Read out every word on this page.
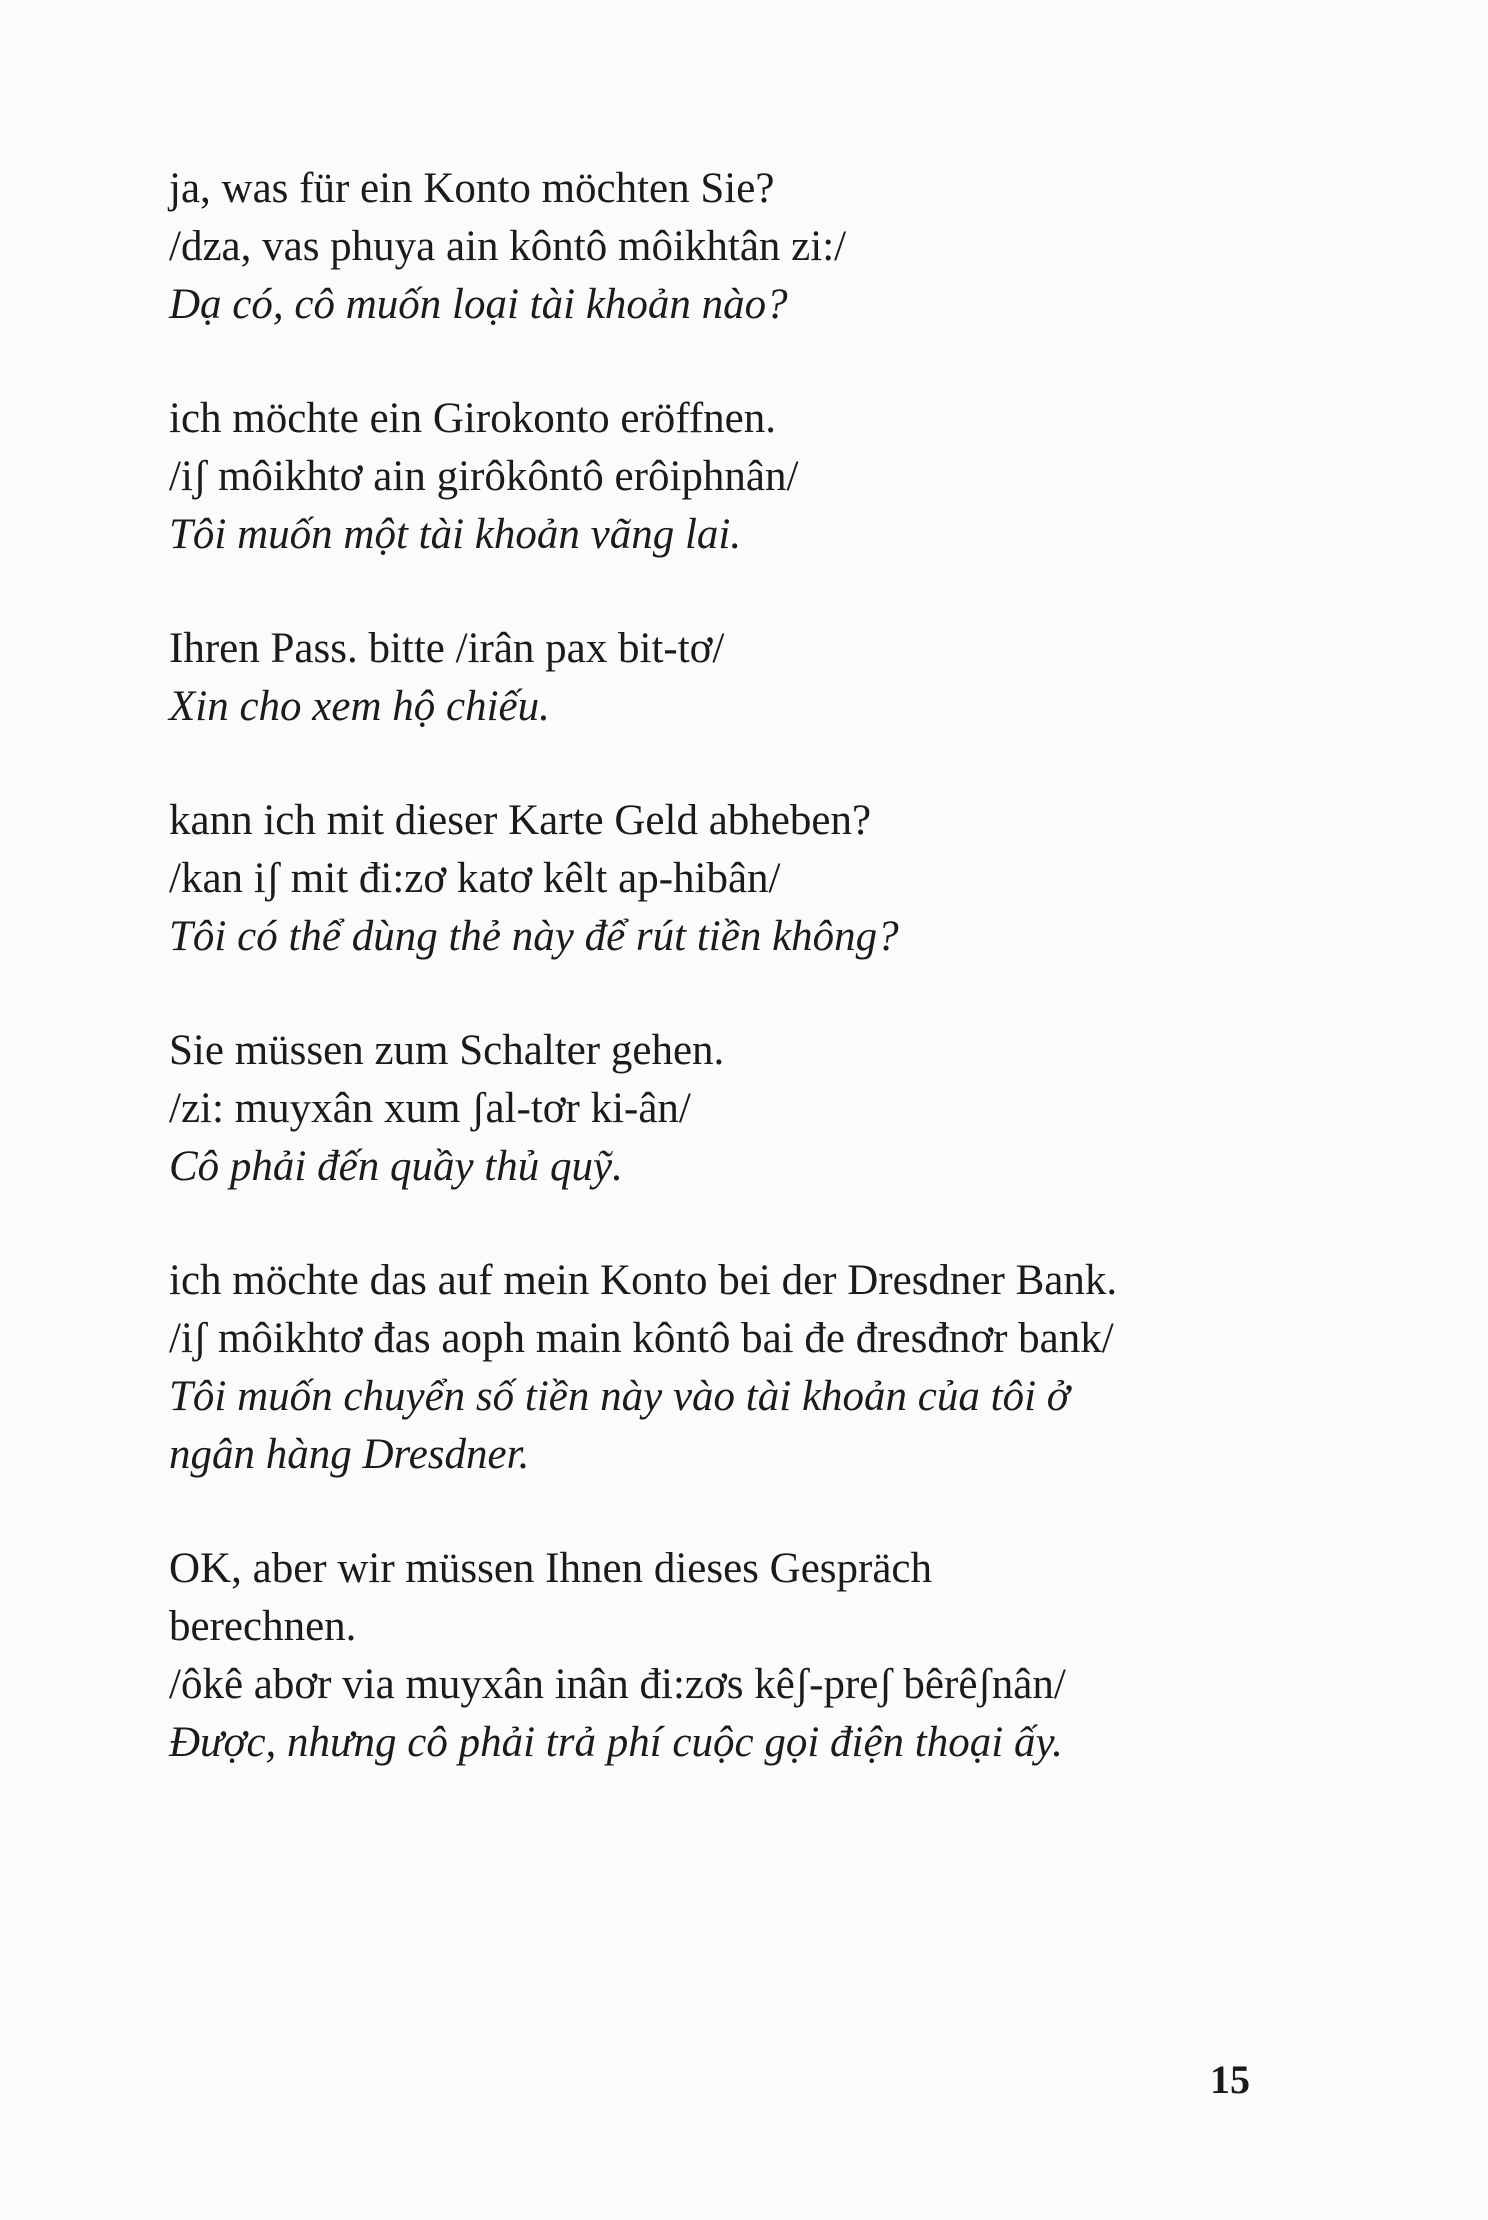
ja, was für ein Konto möchten Sie?
/dza, vas phuya ain kôntô môikhtân zi:/
Dạ có, cô muốn loại tài khoản nào?
ich möchte ein Girokonto eröffnen.
/iʃ môikhtơ ain girôkôntô erôiphnân/
Tôi muốn một tài khoản vãng lai.
Ihren Pass. bitte /irân pax bit-tơ/
Xin cho xem hộ chiếu.
kann ich mit dieser Karte Geld abheben?
/kan iʃ mit đi:zơ katơ kêlt ap-hibân/
Tôi có thể dùng thẻ này để rút tiền không?
Sie müssen zum Schalter gehen.
/zi: muyxân xum ʃal-tơr ki-ân/
Cô phải đến quầy thủ quỹ.
ich möchte das auf mein Konto bei der Dresdner Bank.
/iʃ môikhtơ đas aoph main kôntô bai đe đresđnơr bank/
Tôi muốn chuyển số tiền này vào tài khoản của tôi ở
ngân hàng Dresdner.
OK, aber wir müssen Ihnen dieses Gespräch
berechnen.
/ôkê abơr via muyxân inân đi:zơs kêʃ-preʃ bêrêʃnân/
Được, nhưng cô phải trả phí cuộc gọi điện thoại ấy.
15
